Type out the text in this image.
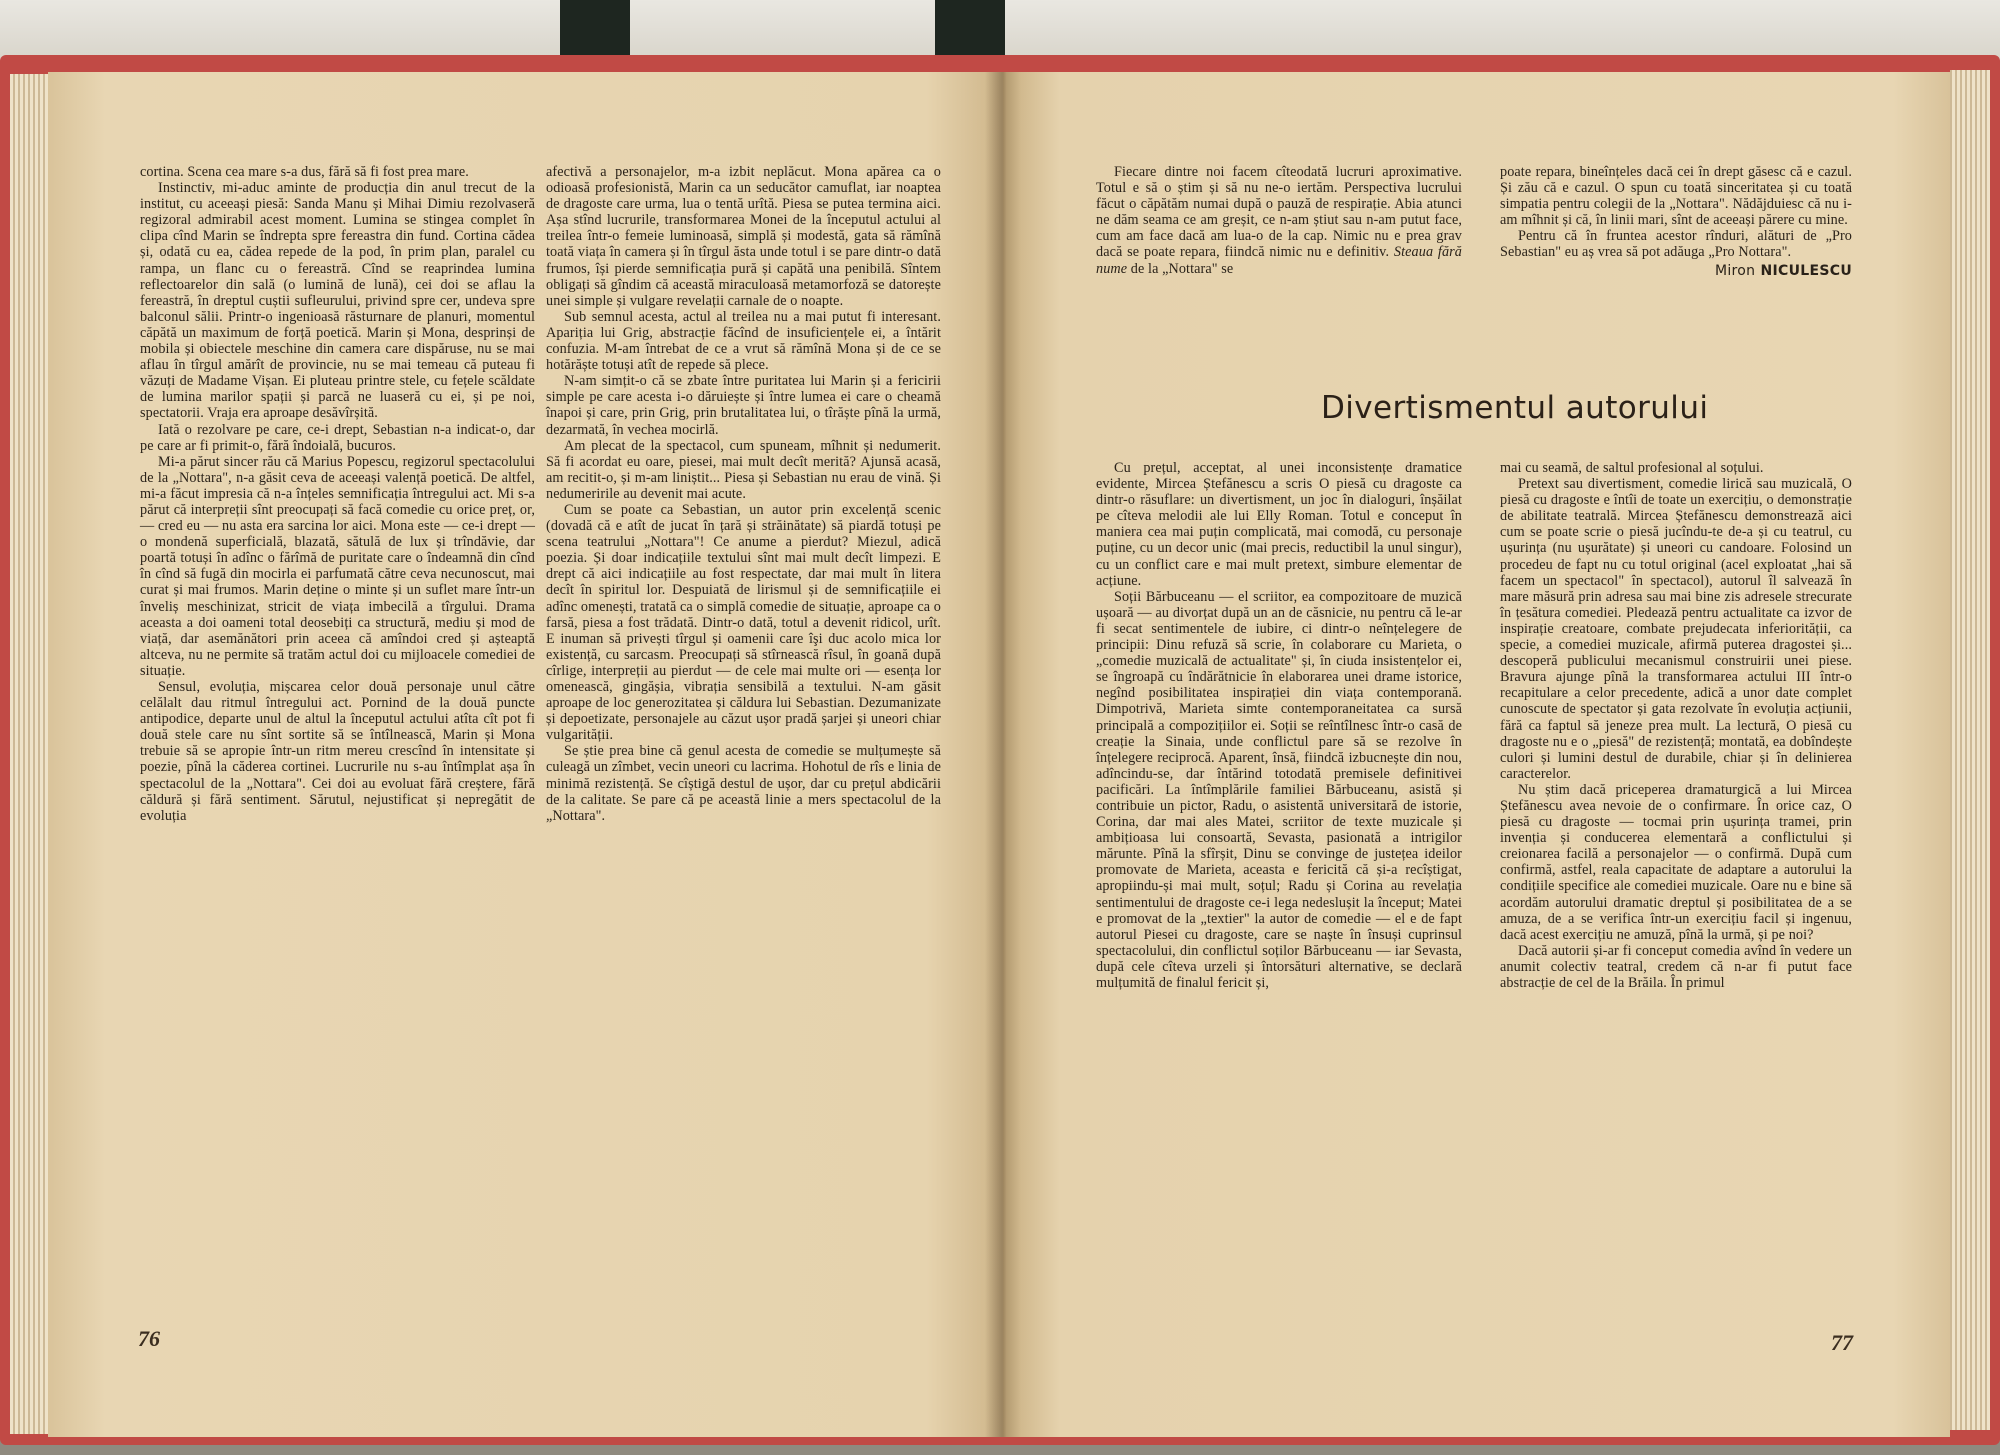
cortina. Scena cea mare s-a dus, fără să fi fost prea mare.

Instinctiv, mi-aduc aminte de producția din anul trecut de la institut, cu aceeași piesă: Sanda Manu și Mihai Dimiu rezolvaseră regizoral admirabil acest moment. Lumina se stingea complet în clipa cînd Marin se îndrepta spre fereastra din fund. Cortina cădea și, odată cu ea, cădea repede de la pod, în prim plan, paralel cu rampa, un flanc cu o fereastră. Cînd se reaprindea lumina reflectoarelor din sală (o lumină de lună), cei doi se aflau la fereastră, în dreptul cuștii sufleurului, privind spre cer, undeva spre balconul sălii. Printr-o ingenioasă răsturnare de planuri, momentul căpătă un maximum de forță poetică. Marin și Mona, desprinși de mobila și obiectele meschine din camera care dispăruse, nu se mai aflau în tîrgul amărît de provincie, nu se mai temeau că puteau fi văzuți de Madame Vișan. Ei pluteau printre stele, cu fețele scăldate de lumina marilor spații și parcă ne luaseră cu ei, și pe noi, spectatorii. Vraja era aproape desăvîrșită.

Iată o rezolvare pe care, ce-i drept, Sebastian n-a indicat-o, dar pe care ar fi primit-o, fără îndoială, bucuros.

Mi-a părut sincer rău că Marius Popescu, regizorul spectacolului de la „Nottara", n-a găsit ceva de aceeași valență poetică. De altfel, mi-a făcut impresia că n-a înțeles semnificația întregului act. Mi s-a părut că interpreții sînt preocupați să facă comedie cu orice preț, or, — cred eu — nu asta era sarcina lor aici. Mona este — ce-i drept — o mondenă superficială, blazată, sătulă de lux și trîndăvie, dar poartă totuși în adînc o fărîmă de puritate care o îndeamnă din cînd în cînd să fugă din mocirla ei parfumată către ceva necunoscut, mai curat și mai frumos. Marin deține o minte și un suflet mare într-un înveliș meschinizat, stricit de viața imbecilă a tîrgului. Drama aceasta a doi oameni total deosebiți ca structură, mediu și mod de viață, dar asemănători prin aceea că amîndoi cred și așteaptă altceva, nu ne permite să tratăm actul doi cu mijloacele comediei de situație.

Sensul, evoluția, mișcarea celor două personaje unul către celălalt dau ritmul întregului act. Pornind de la două puncte antipodice, departe unul de altul la începutul actului atîta cît pot fi două stele care nu sînt sortite să se întîlnească, Marin și Mona trebuie să se apropie într-un ritm mereu crescînd în intensitate și poezie, pînă la căderea cortinei. Lucrurile nu s-au întîmplat așa în spectacolul de la „Nottara". Cei doi au evoluat fără creștere, fără căldură și fără sentiment. Sărutul, nejustificat și nepregătit de evoluția

afectivă a personajelor, m-a izbit neplăcut. Mona apărea ca o odioasă profesionistă, Marin ca un seducător camuflat, iar noaptea de dragoste care urma, lua o tentă urîtă. Piesa se putea termina aici. Așa stînd lucrurile, transformarea Monei de la începutul actului al treilea într-o femeie luminoasă, simplă și modestă, gata să rămînă toată viața în camera și în tîrgul ăsta unde totul i se pare dintr-o dată frumos, își pierde semnificația pură și capătă una penibilă. Sîntem obligați să gîndim că această miraculoasă metamorfoză se datorește unei simple și vulgare revelații carnale de o noapte.

Sub semnul acesta, actul al treilea nu a mai putut fi interesant. Apariția lui Grig, abstracție făcînd de insuficiențele ei, a întărit confuzia. M-am întrebat de ce a vrut să rămînă Mona și de ce se hotărăște totuși atît de repede să plece.

N-am simțit-o că se zbate între puritatea lui Marin și a fericirii simple pe care acesta i-o dăruiește și între lumea ei care o cheamă înapoi și care, prin Grig, prin brutalitatea lui, o tîrăște pînă la urmă, dezarmată, în vechea mocirlă.

Am plecat de la spectacol, cum spuneam, mîhnit și nedumerit. Să fi acordat eu oare, piesei, mai mult decît merită? Ajunsă acasă, am recitit-o, și m-am liniștit... Piesa și Sebastian nu erau de vină. Și nedumeririle au devenit mai acute.

Cum se poate ca Sebastian, un autor prin excelență scenic (dovadă că e atît de jucat în țară și străinătate) să piardă totuși pe scena teatrului „Nottara"! Ce anume a pierdut? Miezul, adică poezia. Și doar indicațiile textului sînt mai mult decît limpezi. E drept că aici indicațiile au fost respectate, dar mai mult în litera decît în spiritul lor. Despuiată de lirismul și de semnificațiile ei adînc omenești, tratată ca o simplă comedie de situație, aproape ca o farsă, piesa a fost trădată. Dintr-o dată, totul a devenit ridicol, urît. E inuman să privești tîrgul și oamenii care îşi duc acolo mica lor existență, cu sarcasm. Preocupați să stîrnească rîsul, în goană după cîrlige, interpreții au pierdut — de cele mai multe ori — esența lor omenească, gingășia, vibrația sensibilă a textului. N-am găsit aproape de loc generozitatea și căldura lui Sebastian. Dezumanizate și depoetizate, personajele au căzut ușor pradă șarjei și uneori chiar vulgarității.

Se știe prea bine că genul acesta de comedie se mulțumește să culeagă un zîmbet, vecin uneori cu lacrima. Hohotul de rîs e linia de minimă rezistență. Se cîștigă destul de ușor, dar cu prețul abdicării de la calitate. Se pare că pe această linie a mers spectacolul de la „Nottara".

76

Fiecare dintre noi facem cîteodată lucruri aproximative. Totul e să o știm și să nu ne-o iertăm. Perspectiva lucrului făcut o căpătăm numai după o pauză de respirație. Abia atunci ne dăm seama ce am greșit, ce n-am știut sau n-am putut face, cum am face dacă am lua-o de la cap. Nimic nu e prea grav dacă se poate repara, fiindcă nimic nu e definitiv. Steaua fără nume de la „Nottara" se

poate repara, bineînțeles dacă cei în drept găsesc că e cazul. Și zău că e cazul. O spun cu toată sinceritatea și cu toată simpatia pentru colegii de la „Nottara". Nădăjduiesc că nu i-am mîhnit și că, în linii mari, sînt de aceeași părere cu mine.

Pentru că în fruntea acestor rînduri, alături de „Pro Sebastian" eu aș vrea să pot adăuga „Pro Nottara".

Miron NICULESCU
Divertismentul autorului

Cu prețul, acceptat, al unei inconsistențe dramatice evidente, Mircea Ștefănescu a scris O piesă cu dragoste ca dintr-o răsuflare: un divertisment, un joc în dialoguri, înșăilat pe cîteva melodii ale lui Elly Roman. Totul e conceput în maniera cea mai puțin complicată, mai comodă, cu personaje puține, cu un decor unic (mai precis, reductibil la unul singur), cu un conflict care e mai mult pretext, simbure elementar de acțiune.

Soții Bărbuceanu — el scriitor, ea compozitoare de muzică ușoară — au divorțat după un an de căsnicie, nu pentru că le-ar fi secat sentimentele de iubire, ci dintr-o neînțelegere de principii: Dinu refuză să scrie, în colaborare cu Marieta, o „comedie muzicală de actualitate" și, în ciuda insistențelor ei, se îngroapă cu îndărătnicie în elaborarea unei drame istorice, negînd posibilitatea inspirației din viața contemporană. Dimpotrivă, Marieta simte contemporaneitatea ca sursă principală a compozițiilor ei. Soții se reîntîlnesc într-o casă de creație la Sinaia, unde conflictul pare să se rezolve în înțelegere reciprocă. Aparent, însă, fiindcă izbucnește din nou, adîncindu-se, dar întărind totodată premisele definitivei pacificări. La întîmplările familiei Bărbuceanu, asistă și contribuie un pictor, Radu, o asistentă universitară de istorie, Corina, dar mai ales Matei, scriitor de texte muzicale și ambițioasa lui consoartă, Sevasta, pasionată a intrigilor mărunte. Pînă la sfîrșit, Dinu se convinge de justețea ideilor promovate de Marieta, aceasta e fericită că și-a recîștigat, apropiindu-și mai mult, soțul; Radu și Corina au revelația sentimentului de dragoste ce-i lega nedeslușit la început; Matei e promovat de la „textier" la autor de comedie — el e de fapt autorul Piesei cu dragoste, care se naște în însuși cuprinsul spectacolului, din conflictul soților Bărbuceanu — iar Sevasta, după cele cîteva urzeli și întorsături alternative, se declară mulțumită de finalul fericit și,

mai cu seamă, de saltul profesional al soțului.

Pretext sau divertisment, comedie lirică sau muzicală, O piesă cu dragoste e întîi de toate un exercițiu, o demonstrație de abilitate teatrală. Mircea Ștefănescu demonstrează aici cum se poate scrie o piesă jucîndu-te de-a și cu teatrul, cu ușurința (nu ușurătate) și uneori cu candoare. Folosind un procedeu de fapt nu cu totul original (acel exploatat „hai să facem un spectacol" în spectacol), autorul îl salvează în mare măsură prin adresa sau mai bine zis adresele strecurate în țesătura comediei. Pledează pentru actualitate ca izvor de inspirație creatoare, combate prejudecata inferiorității, ca specie, a comediei muzicale, afirmă puterea dragostei și... descoperă publicului mecanismul construirii unei piese. Bravura ajunge pînă la transformarea actului III într-o recapitulare a celor precedente, adică a unor date complet cunoscute de spectator și gata rezolvate în evoluția acțiunii, fără ca faptul să jeneze prea mult. La lectură, O piesă cu dragoste nu e o „piesă" de rezistență; montată, ea dobîndește culori și lumini destul de durabile, chiar și în delinierea caracterelor.

Nu știm dacă priceperea dramaturgică a lui Mircea Ștefănescu avea nevoie de o confirmare. În orice caz, O piesă cu dragoste — tocmai prin ușurința tramei, prin invenția și conducerea elementară a conflictului și creionarea facilă a personajelor — o confirmă. După cum confirmă, astfel, reala capacitate de adaptare a autorului la condițiile specifice ale comediei muzicale. Oare nu e bine să acordăm autorului dramatic dreptul și posibilitatea de a se amuza, de a se verifica într-un exercițiu facil și ingenuu, dacă acest exercițiu ne amuză, pînă la urmă, și pe noi?

Dacă autorii și-ar fi conceput comedia avînd în vedere un anumit colectiv teatral, credem că n-ar fi putut face abstracție de cel de la Brăila. În primul

77
